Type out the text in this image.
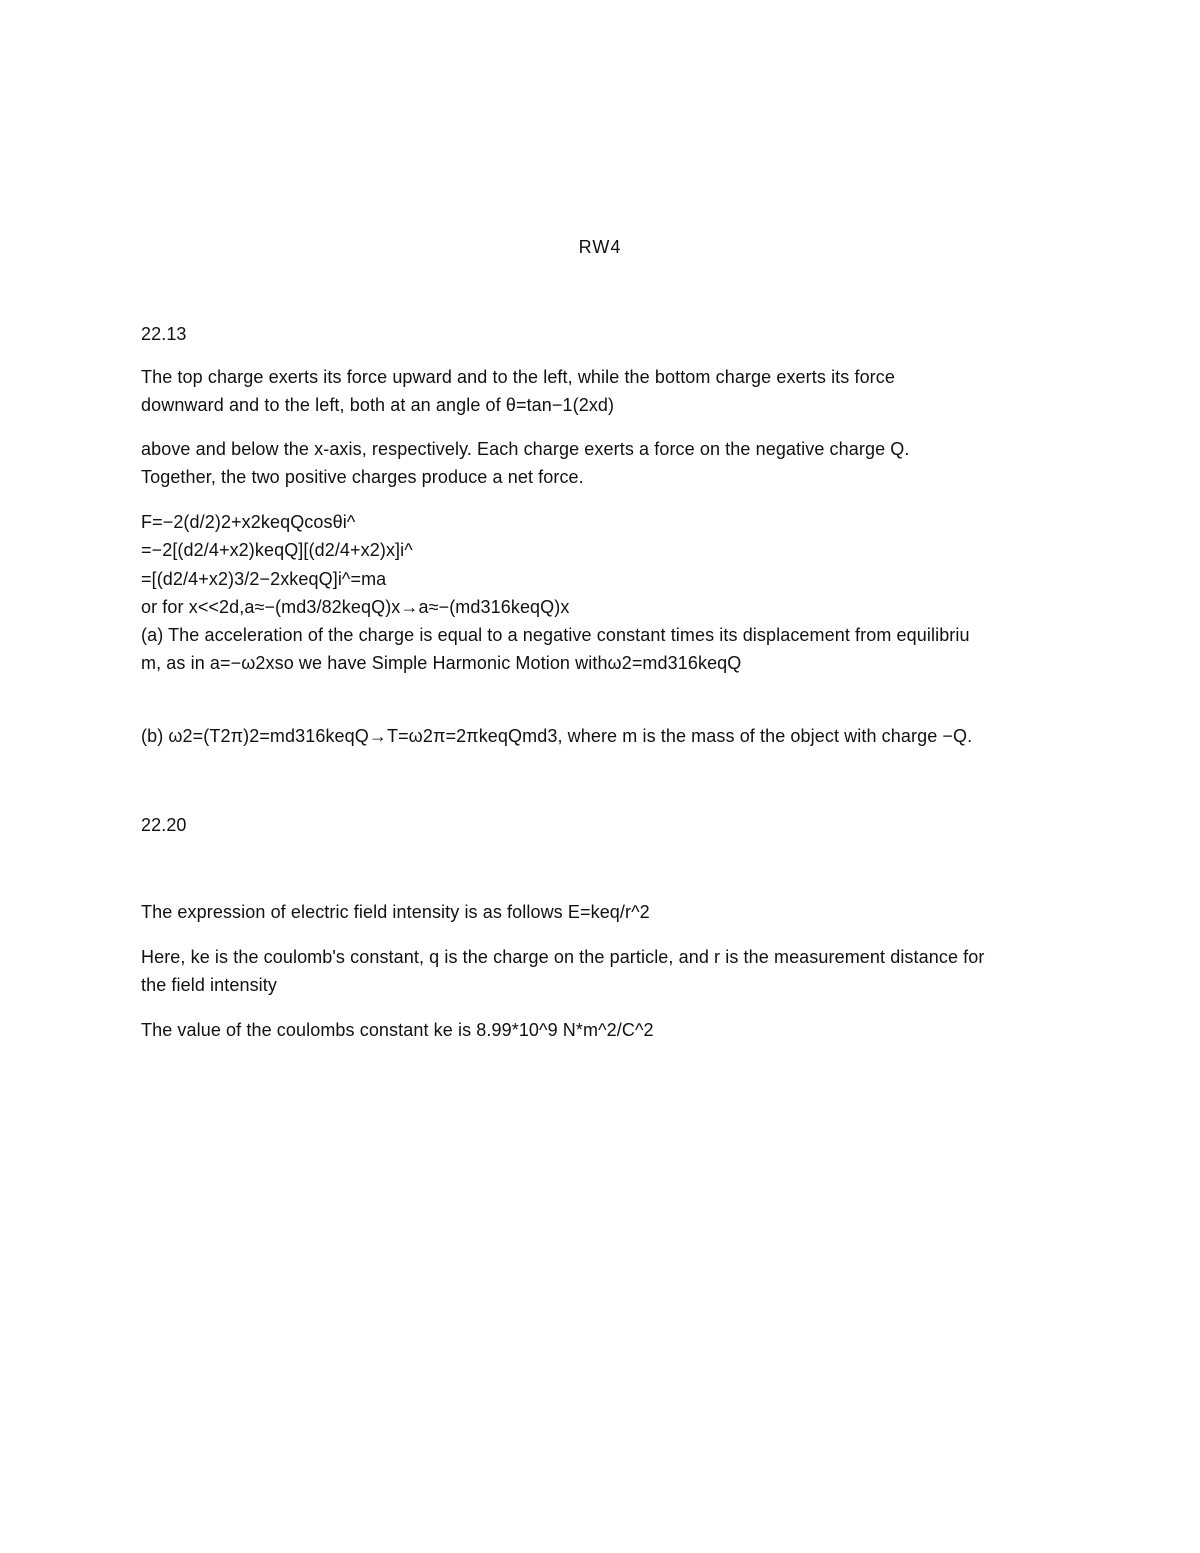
RW4
22.13
The top charge exerts its force upward and to the left, while the bottom charge exerts its force
downward and to the left, both at an angle of θ=tan−1(2xd)
above and below the x-axis, respectively. Each charge exerts a force on the negative charge Q.
Together, the two positive charges produce a net force.
F=−2(d/2)2+x2keqQcosθi^
=−2[(d2/4+x2)keqQ][(d2/4+x2)x]i^
=[(d2/4+x2)3/2−2xkeqQ]i^=ma
or for x<<2d,a≈−(md3/82keqQ)x→a≈−(md316keqQ)x
(a) The acceleration of the charge is equal to a negative constant times its displacement from equilibriu
m, as in a=−ω2xso we have Simple Harmonic Motion withω2=md316keqQ
(b) ω2=(T2π)2=md316keqQ→T=ω2π=2πkeqQmd3, where m is the mass of the object with charge −Q.
22.20
The expression of electric field intensity is as follows E=keq/r^2
Here, ke is the coulomb's constant, q is the charge on the particle, and r is the measurement distance for
the field intensity
The value of the coulombs constant ke is 8.99*10^9 N*m^2/C^2
